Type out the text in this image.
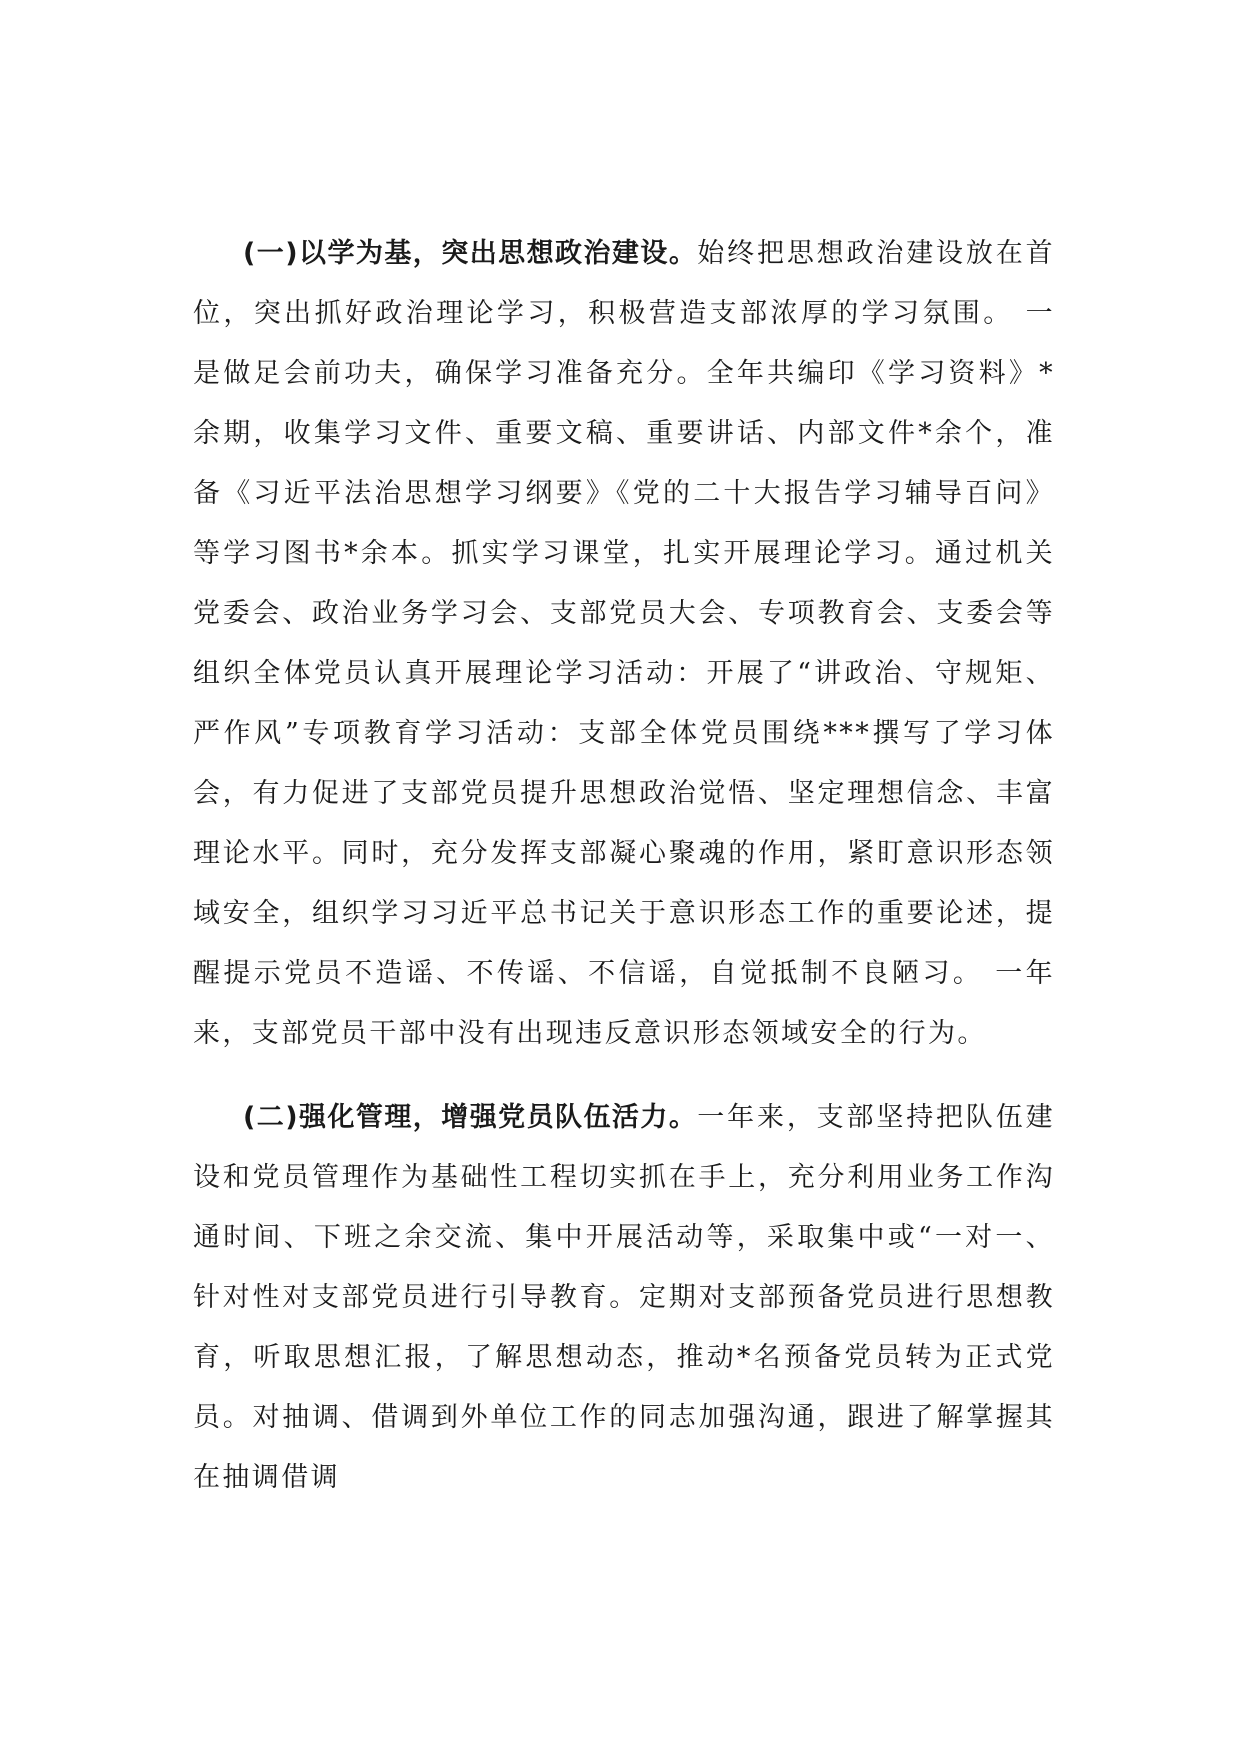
(一)以学为基，突出思想政治建设。始终把思想政治建设放在首位，突出抓好政治理论学习，积极营造支部浓厚的学习氛围。 一是做足会前功夫，确保学习准备充分。全年共编印《学习资料》*余期，收集学习文件、重要文稿、重要讲话、内部文件*余个，准备《习近平法治思想学习纲要》《党的二十大报告学习辅导百问》等学习图书*余本。抓实学习课堂，扎实开展理论学习。通过机关党委会、政治业务学习会、支部党员大会、专项教育会、支委会等组织全体党员认真开展理论学习活动：开展了“讲政治、守规矩、严作风”专项教育学习活动：支部全体党员围绕***撰写了学习体会，有力促进了支部党员提升思想政治觉悟、坚定理想信念、丰富理论水平。同时，充分发挥支部凝心聚魂的作用，紧盯意识形态领域安全，组织学习习近平总书记关于意识形态工作的重要论述，提醒提示党员不造谣、不传谣、不信谣，自觉抵制不良陋习。 一年来，支部党员干部中没有出现违反意识形态领域安全的行为。

(二)强化管理，增强党员队伍活力。一年来，支部坚持把队伍建设和党员管理作为基础性工程切实抓在手上，充分利用业务工作沟通时间、下班之余交流、集中开展活动等，采取集中或“一对一、针对性对支部党员进行引导教育。定期对支部预备党员进行思想教育，听取思想汇报，了解思想动态，推动*名预备党员转为正式党员。对抽调、借调到外单位工作的同志加强沟通，跟进了解掌握其在抽调借调
